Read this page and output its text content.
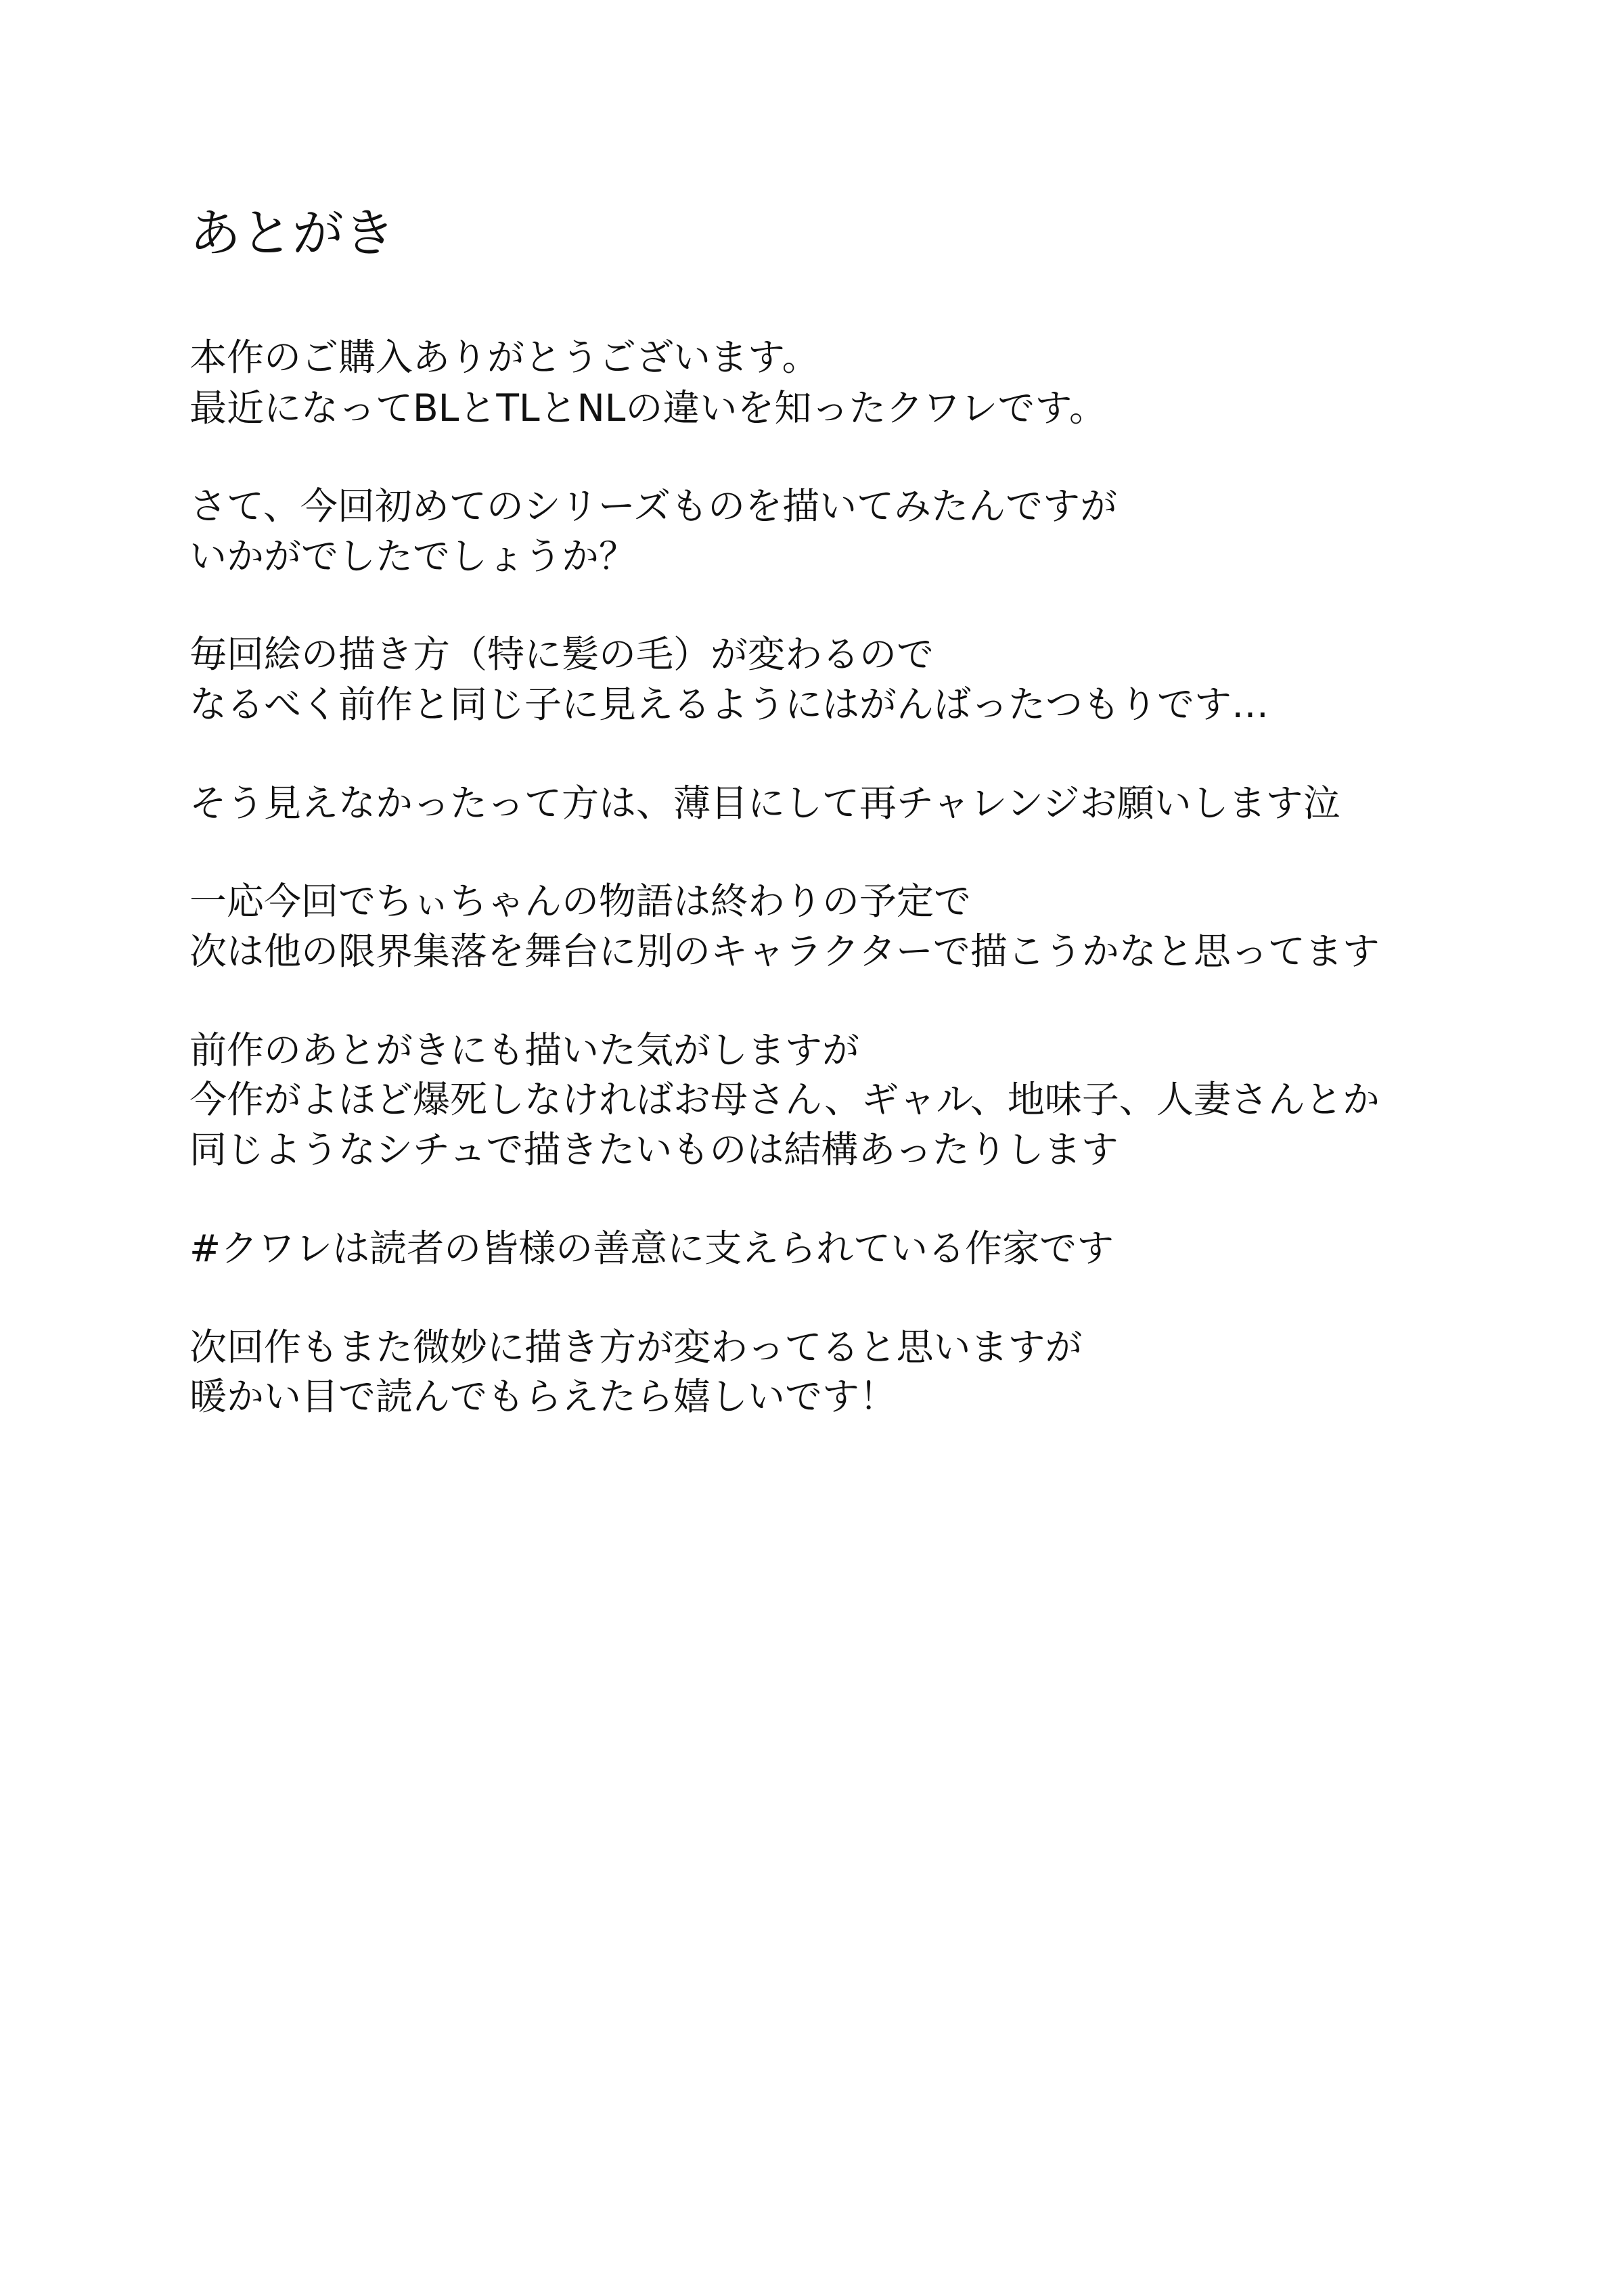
あとがき

本作のご購入ありがとうございます。

最近になってBLとTLとNLの違いを知ったクワレです。

さて、今回初めてのシリーズものを描いてみたんですが

いかがでしたでしょうか？

毎回絵の描き方（特に髪の毛）が変わるので

なるべく前作と同じ子に見えるようにはがんばったつもりです…

そう見えなかったって方は、薄目にして再チャレンジお願いします泣

一応今回でちぃちゃんの物語は終わりの予定で

次は他の限界集落を舞台に別のキャラクターで描こうかなと思ってます

前作のあとがきにも描いた気がしますが

今作がよほど爆死しなければお母さん、ギャル、地味子、人妻さんとか

同じようなシチュで描きたいものは結構あったりします

#クワレは読者の皆様の善意に支えられている作家です

次回作もまた微妙に描き方が変わってると思いますが

暖かい目で読んでもらえたら嬉しいです！
